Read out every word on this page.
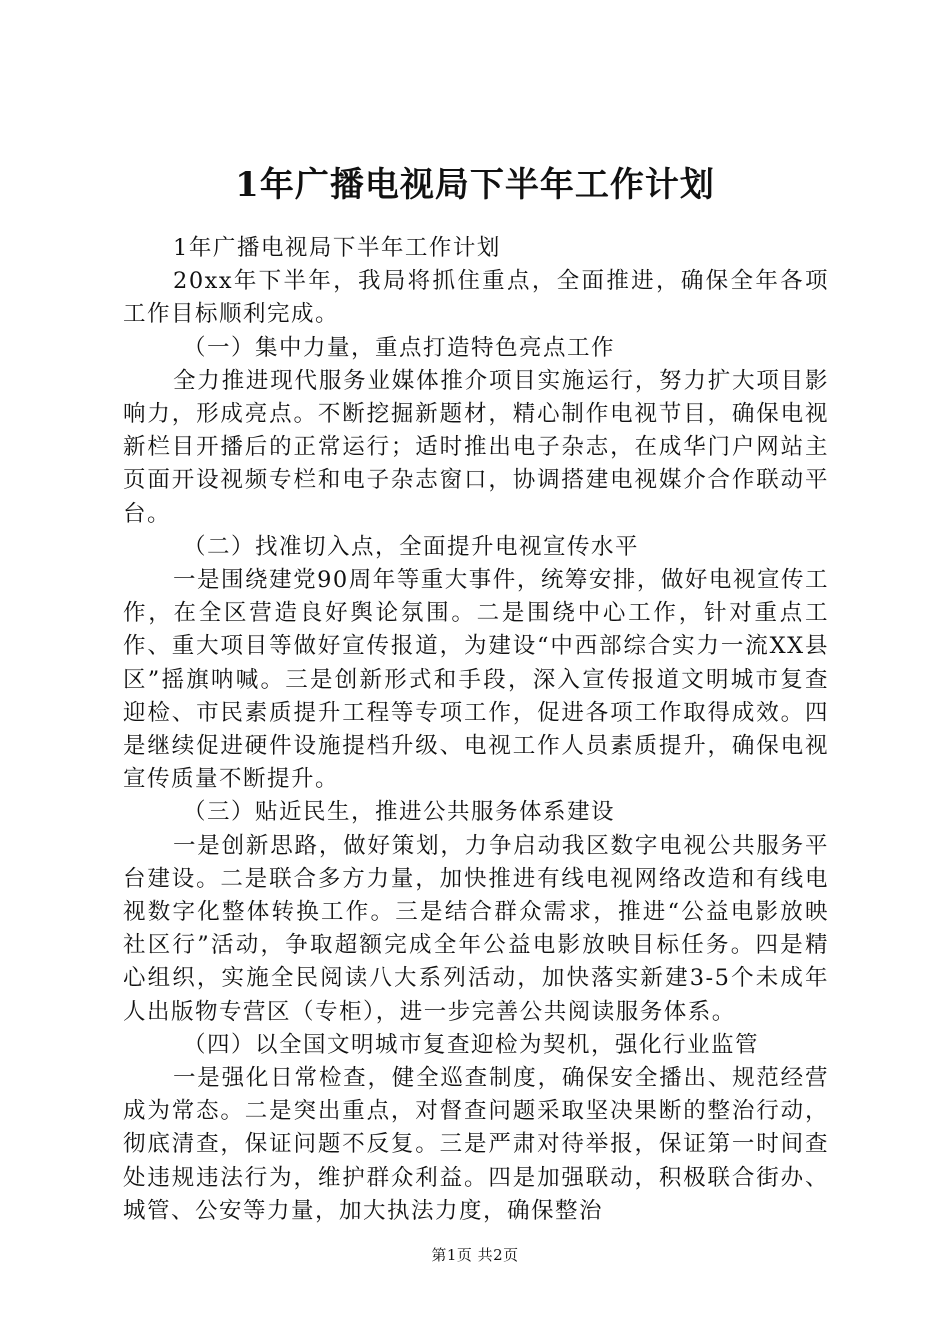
1年广播电视局下半年工作计划

1年广播电视局下半年工作计划

20xx年下半年，我局将抓住重点，全面推进，确保全年各项工作目标顺利完成。

（一）集中力量，重点打造特色亮点工作

全力推进现代服务业媒体推介项目实施运行，努力扩大项目影响力，形成亮点。不断挖掘新题材，精心制作电视节目，确保电视新栏目开播后的正常运行；适时推出电子杂志，在成华门户网站主页面开设视频专栏和电子杂志窗口，协调搭建电视媒介合作联动平台。

（二）找准切入点，全面提升电视宣传水平

一是围绕建党90周年等重大事件，统筹安排，做好电视宣传工作，在全区营造良好舆论氛围。二是围绕中心工作，针对重点工作、重大项目等做好宣传报道，为建设“中西部综合实力一流XX县区”摇旗呐喊。三是创新形式和手段，深入宣传报道文明城市复查迎检、市民素质提升工程等专项工作，促进各项工作取得成效。四是继续促进硬件设施提档升级、电视工作人员素质提升，确保电视宣传质量不断提升。

（三）贴近民生，推进公共服务体系建设

一是创新思路，做好策划，力争启动我区数字电视公共服务平台建设。二是联合多方力量，加快推进有线电视网络改造和有线电视数字化整体转换工作。三是结合群众需求，推进“公益电影放映社区行”活动，争取超额完成全年公益电影放映目标任务。四是精心组织，实施全民阅读八大系列活动，加快落实新建3-5个未成年人出版物专营区（专柜），进一步完善公共阅读服务体系。

（四）以全国文明城市复查迎检为契机，强化行业监管

一是强化日常检查，健全巡查制度，确保安全播出、规范经营成为常态。二是突出重点，对督查问题采取坚决果断的整治行动，彻底清查，保证问题不反复。三是严肃对待举报，保证第一时间查处违规违法行为，维护群众利益。四是加强联动，积极联合街办、城管、公安等力量，加大执法力度，确保整治

第1页 共2页
